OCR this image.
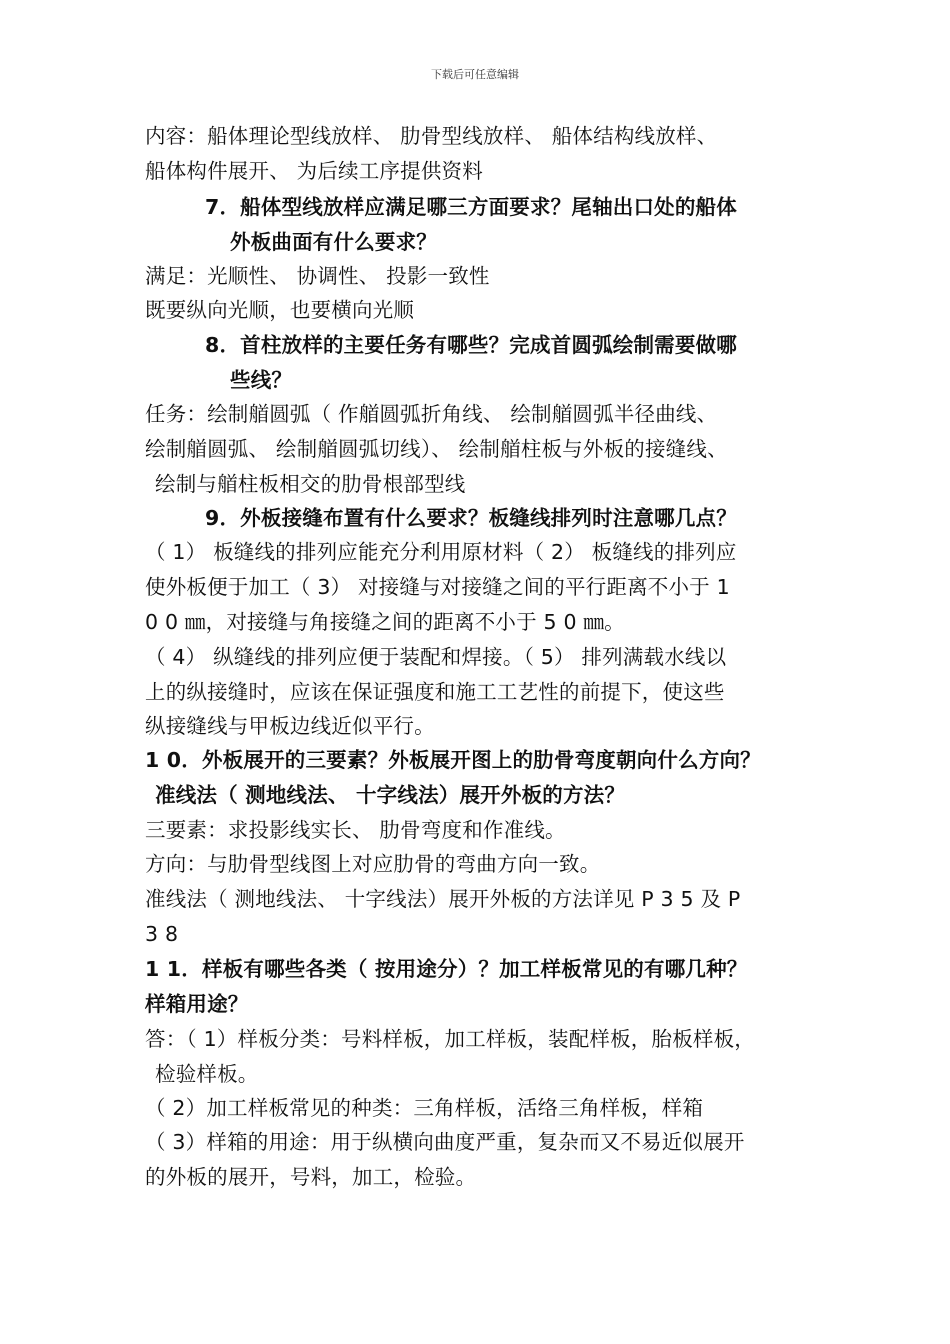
下载后可任意编辑
内容：船体理论型线放样、 肋骨型线放样、 船体结构线放样、
船体构件展开、 为后续工序提供资料
7．船体型线放样应满足哪三方面要求？尾轴出口处的船体
外板曲面有什么要求？
满足：光顺性、 协调性、 投影一致性
既要纵向光顺，也要横向光顺
8．首柱放样的主要任务有哪些？完成首圆弧绘制需要做哪
些线？
任务：绘制艏圆弧（ 作艏圆弧折角线、 绘制艏圆弧半径曲线、
绘制艏圆弧、 绘制艏圆弧切线）、 绘制艏柱板与外板的接缝线、
绘制与艏柱板相交的肋骨根部型线
9．外板接缝布置有什么要求？板缝线排列时注意哪几点？
（ 1） 板缝线的排列应能充分利用原材料（ 2） 板缝线的排列应
使外板便于加工（ 3） 对接缝与对接缝之间的平行距离不小于 1
0 0 ㎜，对接缝与角接缝之间的距离不小于 5 0 ㎜。
（ 4） 纵缝线的排列应便于装配和焊接。（ 5） 排列满载水线以
上的纵接缝时，应该在保证强度和施工工艺性的前提下，使这些
纵接缝线与甲板边线近似平行。
1 0．外板展开的三要素？外板展开图上的肋骨弯度朝向什么方向？
准线法（ 测地线法、 十字线法）展开外板的方法？
三要素：求投影线实长、 肋骨弯度和作准线。
方向：与肋骨型线图上对应肋骨的弯曲方向一致。
准线法（ 测地线法、 十字线法）展开外板的方法详见 P 3 5 及 P
3 8
1 1．样板有哪些各类（ 按用途分）？加工样板常见的有哪几种？
样箱用途？
答：（ 1）样板分类：号料样板，加工样板，装配样板，胎板样板，
检验样板。
（ 2）加工样板常见的种类：三角样板，活络三角样板，样箱
（ 3）样箱的用途：用于纵横向曲度严重，复杂而又不易近似展开
的外板的展开，号料，加工，检验。
